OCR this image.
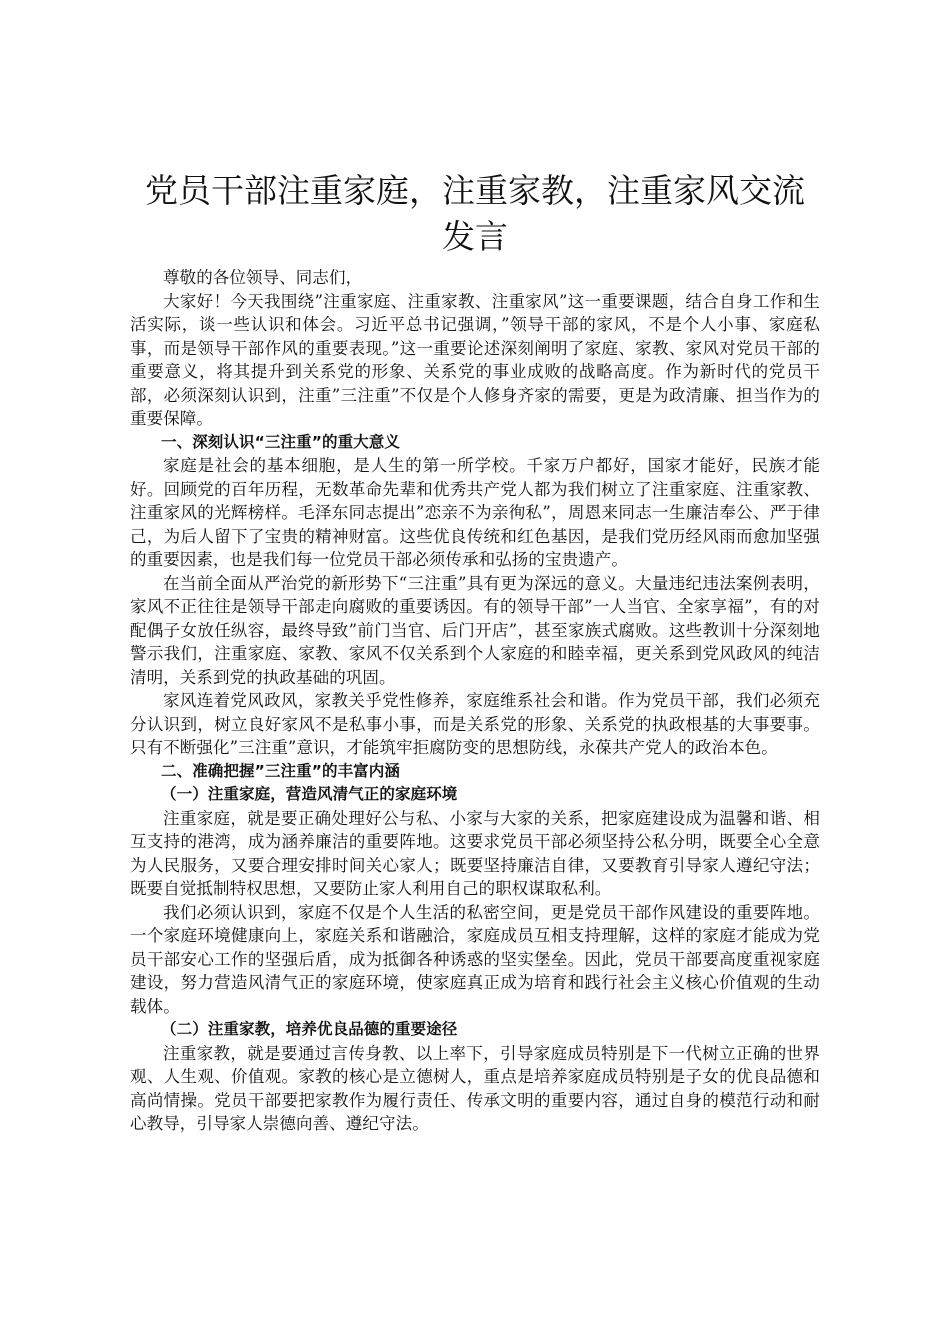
党员干部注重家庭，注重家教，注重家风交流发言

尊敬的各位领导、同志们，

大家好！今天我围绕”注重家庭、注重家教、注重家风”这一重要课题，结合自身工作和生活实际，谈一些认识和体会。习近平总书记强调，”领导干部的家风，不是个人小事、家庭私事，而是领导干部作风的重要表现。”这一重要论述深刻阐明了家庭、家教、家风对党员干部的重要意义，将其提升到关系党的形象、关系党的事业成败的战略高度。作为新时代的党员干部，必须深刻认识到，注重”三注重”不仅是个人修身齐家的需要，更是为政清廉、担当作为的重要保障。

一、深刻认识“三注重”的重大意义

家庭是社会的基本细胞，是人生的第一所学校。千家万户都好，国家才能好，民族才能好。回顾党的百年历程，无数革命先辈和优秀共产党人都为我们树立了注重家庭、注重家教、注重家风的光辉榜样。毛泽东同志提出”恋亲不为亲徇私”，周恩来同志一生廉洁奉公、严于律己，为后人留下了宝贵的精神财富。这些优良传统和红色基因，是我们党历经风雨而愈加坚强的重要因素，也是我们每一位党员干部必须传承和弘扬的宝贵遗产。

在当前全面从严治党的新形势下“三注重”具有更为深远的意义。大量违纪违法案例表明，家风不正往往是领导干部走向腐败的重要诱因。有的领导干部”一人当官、全家享福”，有的对配偶子女放任纵容，最终导致”前门当官、后门开店”，甚至家族式腐败。这些教训十分深刻地警示我们，注重家庭、家教、家风不仅关系到个人家庭的和睦幸福，更关系到党风政风的纯洁清明，关系到党的执政基础的巩固。

家风连着党风政风，家教关乎党性修养，家庭维系社会和谐。作为党员干部，我们必须充分认识到，树立良好家风不是私事小事，而是关系党的形象、关系党的执政根基的大事要事。只有不断强化”三注重”意识，才能筑牢拒腐防变的思想防线，永葆共产党人的政治本色。

二、准确把握”三注重”的丰富内涵

（一）注重家庭，营造风清气正的家庭环境

注重家庭，就是要正确处理好公与私、小家与大家的关系，把家庭建设成为温馨和谐、相互支持的港湾，成为涵养廉洁的重要阵地。这要求党员干部必须坚持公私分明，既要全心全意为人民服务，又要合理安排时间关心家人；既要坚持廉洁自律，又要教育引导家人遵纪守法；既要自觉抵制特权思想，又要防止家人利用自己的职权谋取私利。

我们必须认识到，家庭不仅是个人生活的私密空间，更是党员干部作风建设的重要阵地。一个家庭环境健康向上，家庭关系和谐融洽，家庭成员互相支持理解，这样的家庭才能成为党员干部安心工作的坚强后盾，成为抵御各种诱惑的坚实堡垒。因此，党员干部要高度重视家庭建设，努力营造风清气正的家庭环境，使家庭真正成为培育和践行社会主义核心价值观的生动载体。

（二）注重家教，培养优良品德的重要途径

注重家教，就是要通过言传身教、以上率下，引导家庭成员特别是下一代树立正确的世界观、人生观、价值观。家教的核心是立德树人，重点是培养家庭成员特别是子女的优良品德和高尚情操。党员干部要把家教作为履行责任、传承文明的重要内容，通过自身的模范行动和耐心教导，引导家人崇德向善、遵纪守法。
